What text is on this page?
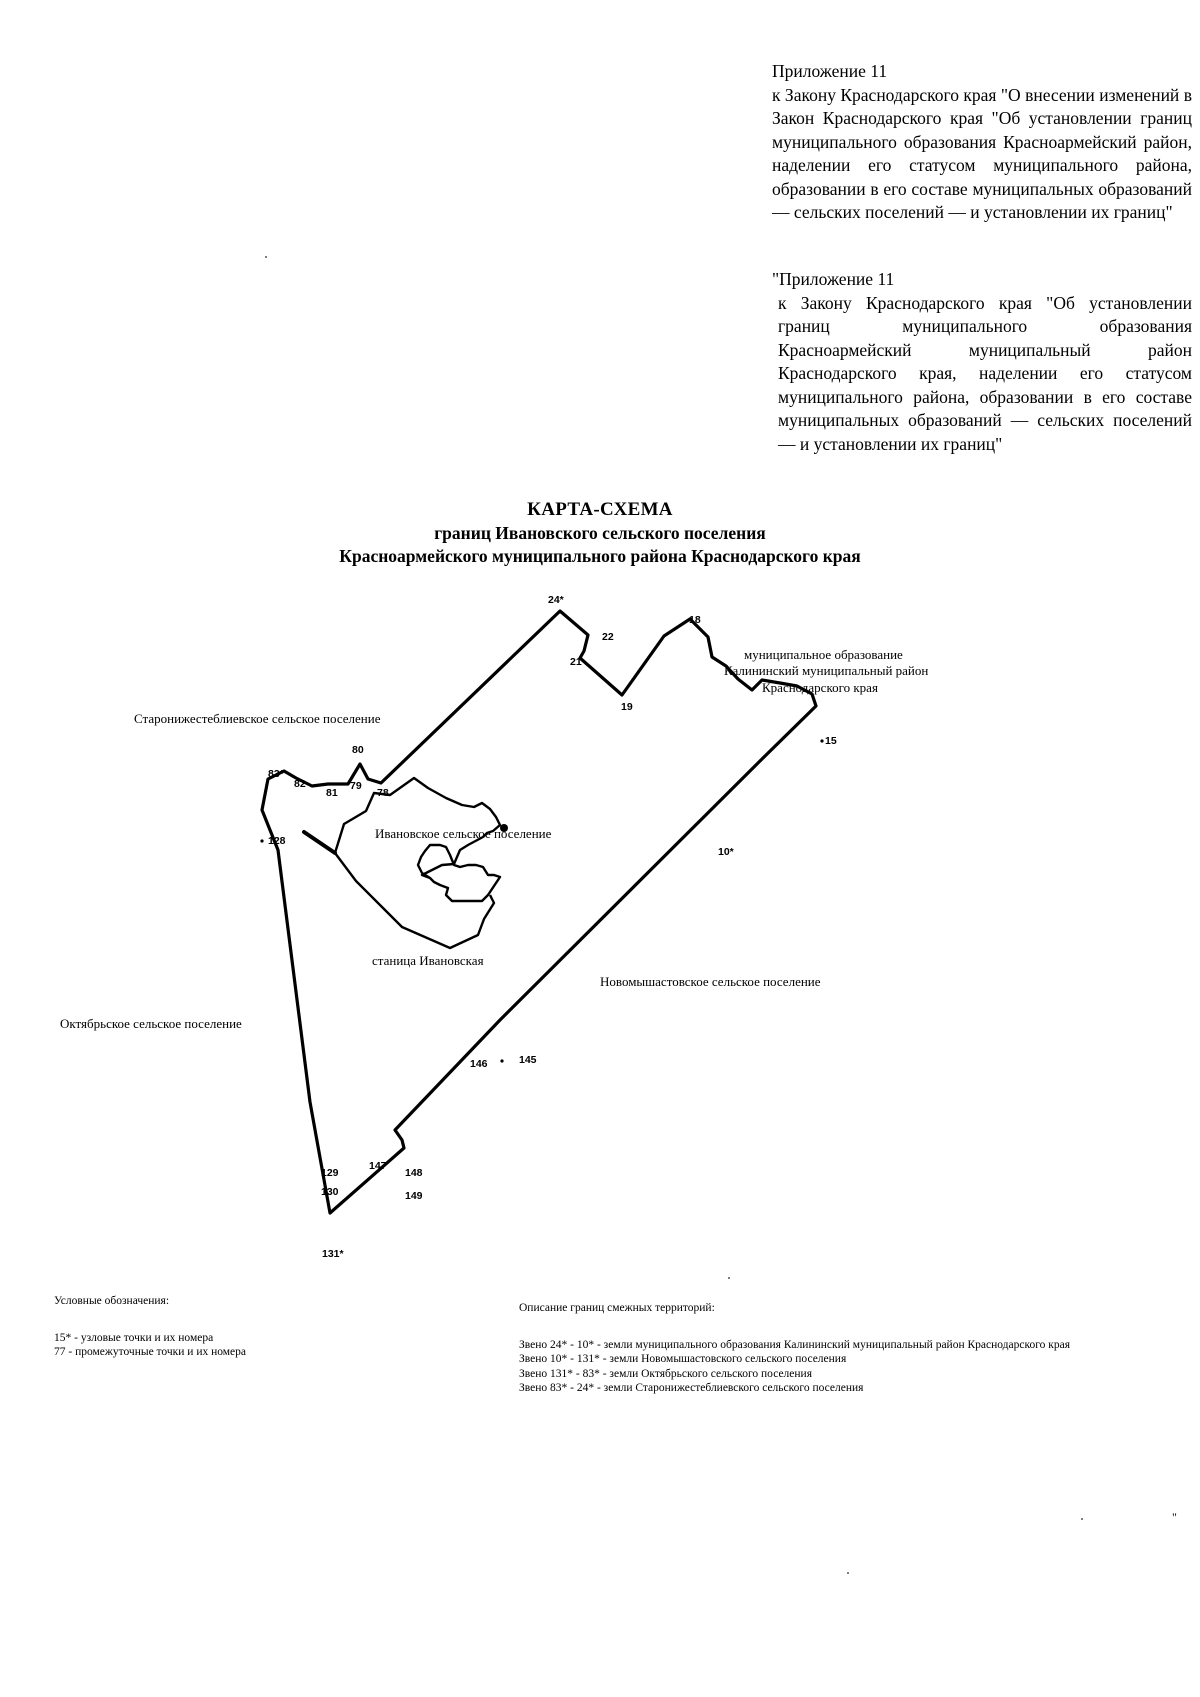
Приложение 11

к Закону Краснодарского края "О внесении изменений в Закон Краснодарского края "Об установлении границ муниципального образования Красноармейский район, наделении его статусом муниципального района, образовании в его составе муниципальных образований — сельских поселений — и установлении их границ"

"Приложение 11

к Закону Краснодарского края "Об установлении границ муниципального образования Красноармейский муниципальный район Краснодарского края, наделении его статусом муниципального района, образовании в его составе муниципальных образований — сельских поселений — и установлении их границ"

КАРТА-СХЕМА
границ Ивановского сельского поселения
Красноармейского муниципального района Краснодарского края
муниципальное образование
Калининский муниципальный район
Краснодарского края
Старонижестеблиевское сельское поселение
Ивановское сельское поселение
станица Ивановская
Новомышастовское сельское поселение
Октябрьское сельское поселение
24*
22
21
19
18
15
10*
80
83*
82
81
79
78
128
146	145
147
148
129
130	149
131*

Условные обозначения:

15* - узловые точки и их номера

77 - промежуточные точки и их номера

Описание границ смежных территорий:

Звено 24* - 10* - земли муниципального образования Калининский муниципальный район Краснодарского края

Звено 10* - 131* - земли Новомышастовского сельского поселения

Звено 131* - 83* - земли Октябрьского сельского поселения

Звено 83* - 24* - земли Старонижестеблиевского сельского поселения

"
